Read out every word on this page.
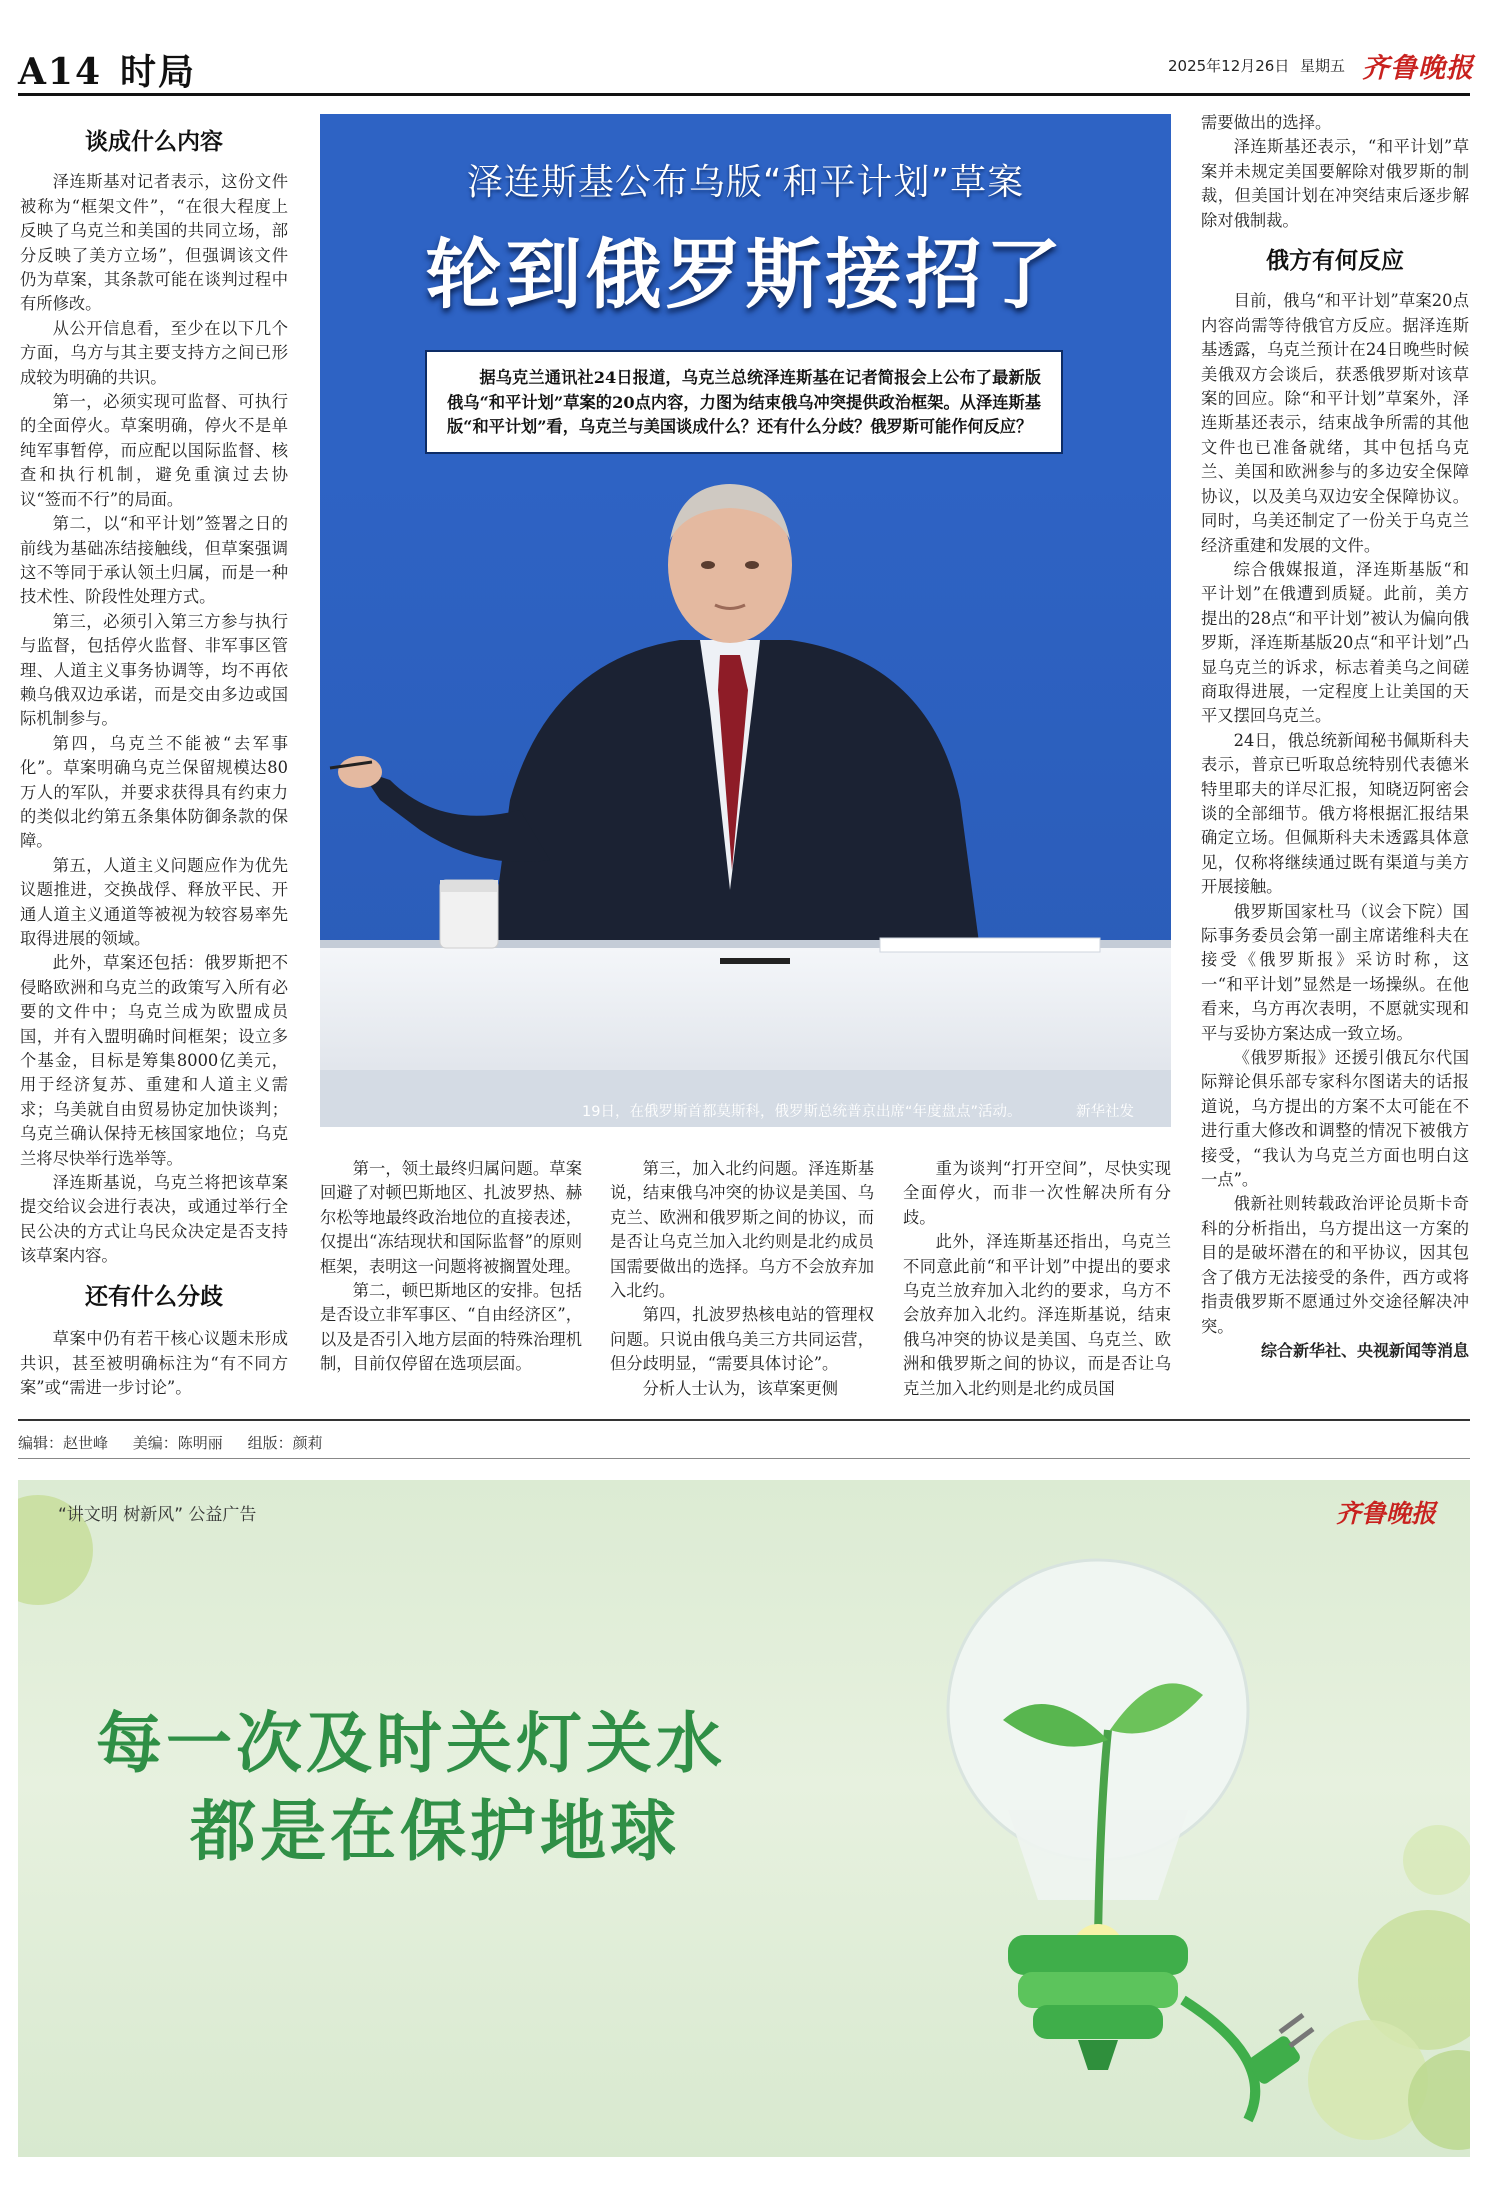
A14 时局	2025年12月26日 星期五 齐鲁晚报
谈成什么内容

泽连斯基对记者表示，这份文件被称为“框架文件”，“在很大程度上反映了乌克兰和美国的共同立场，部分反映了美方立场”，但强调该文件仍为草案，其条款可能在谈判过程中有所修改。

从公开信息看，至少在以下几个方面，乌方与其主要支持方之间已形成较为明确的共识。

第一，必须实现可监督、可执行的全面停火。草案明确，停火不是单纯军事暂停，而应配以国际监督、核查和执行机制，避免重演过去协议“签而不行”的局面。

第二，以“和平计划”签署之日的前线为基础冻结接触线，但草案强调这不等同于承认领土归属，而是一种技术性、阶段性处理方式。

第三，必须引入第三方参与执行与监督，包括停火监督、非军事区管理、人道主义事务协调等，均不再依赖乌俄双边承诺，而是交由多边或国际机制参与。

第四，乌克兰不能被“去军事化”。草案明确乌克兰保留规模达80万人的军队，并要求获得具有约束力的类似北约第五条集体防御条款的保障。

第五，人道主义问题应作为优先议题推进，交换战俘、释放平民、开通人道主义通道等被视为较容易率先取得进展的领域。

此外，草案还包括：俄罗斯把不侵略欧洲和乌克兰的政策写入所有必要的文件中；乌克兰成为欧盟成员国，并有入盟明确时间框架；设立多个基金，目标是筹集8000亿美元，用于经济复苏、重建和人道主义需求；乌美就自由贸易协定加快谈判；乌克兰确认保持无核国家地位；乌克兰将尽快举行选举等。

泽连斯基说，乌克兰将把该草案提交给议会进行表决，或通过举行全民公决的方式让乌民众决定是否支持该草案内容。

还有什么分歧

草案中仍有若干核心议题未形成共识，甚至被明确标注为“有不同方案”或“需进一步讨论”。

泽连斯基公布乌版“和平计划”草案
轮到俄罗斯接招了
据乌克兰通讯社24日报道，乌克兰总统泽连斯基在记者简报会上公布了最新版俄乌“和平计划”草案的20点内容，力图为结束俄乌冲突提供政治框架。从泽连斯基版“和平计划”看，乌克兰与美国谈成什么？还有什么分歧？俄罗斯可能作何反应？
19日，在俄罗斯首都莫斯科，俄罗斯总统普京出席“年度盘点”活动。	新华社发

第一，领土最终归属问题。草案回避了对顿巴斯地区、扎波罗热、赫尔松等地最终政治地位的直接表述，仅提出“冻结现状和国际监督”的原则框架，表明这一问题将被搁置处理。

第二，顿巴斯地区的安排。包括是否设立非军事区、“自由经济区”，以及是否引入地方层面的特殊治理机制，目前仅停留在选项层面。

第三，加入北约问题。泽连斯基说，结束俄乌冲突的协议是美国、乌克兰、欧洲和俄罗斯之间的协议，而是否让乌克兰加入北约则是北约成员国需要做出的选择。乌方不会放弃加入北约。

第四，扎波罗热核电站的管理权问题。只说由俄乌美三方共同运营，但分歧明显，“需要具体讨论”。

分析人士认为，该草案更侧

重为谈判“打开空间”，尽快实现全面停火，而非一次性解决所有分歧。

此外，泽连斯基还指出，乌克兰不同意此前“和平计划”中提出的要求乌克兰放弃加入北约的要求，乌方不会放弃加入北约。泽连斯基说，结束俄乌冲突的协议是美国、乌克兰、欧洲和俄罗斯之间的协议，而是否让乌克兰加入北约则是北约成员国

需要做出的选择。

泽连斯基还表示，“和平计划”草案并未规定美国要解除对俄罗斯的制裁，但美国计划在冲突结束后逐步解除对俄制裁。

俄方有何反应

目前，俄乌“和平计划”草案20点内容尚需等待俄官方反应。据泽连斯基透露，乌克兰预计在24日晚些时候美俄双方会谈后，获悉俄罗斯对该草案的回应。除“和平计划”草案外，泽连斯基还表示，结束战争所需的其他文件也已准备就绪，其中包括乌克兰、美国和欧洲参与的多边安全保障协议，以及美乌双边安全保障协议。同时，乌美还制定了一份关于乌克兰经济重建和发展的文件。

综合俄媒报道，泽连斯基版“和平计划”在俄遭到质疑。此前，美方提出的28点“和平计划”被认为偏向俄罗斯，泽连斯基版20点“和平计划”凸显乌克兰的诉求，标志着美乌之间磋商取得进展，一定程度上让美国的天平又摆回乌克兰。

24日，俄总统新闻秘书佩斯科夫表示，普京已听取总统特别代表德米特里耶夫的详尽汇报，知晓迈阿密会谈的全部细节。俄方将根据汇报结果确定立场。但佩斯科夫未透露具体意见，仅称将继续通过既有渠道与美方开展接触。

俄罗斯国家杜马（议会下院）国际事务委员会第一副主席诺维科夫在接受《俄罗斯报》采访时称，这一“和平计划”显然是一场操纵。在他看来，乌方再次表明，不愿就实现和平与妥协方案达成一致立场。

《俄罗斯报》还援引俄瓦尔代国际辩论俱乐部专家科尔图诺夫的话报道说，乌方提出的方案不太可能在不进行重大修改和调整的情况下被俄方接受，“我认为乌克兰方面也明白这一点”。

俄新社则转载政治评论员斯卡奇科的分析指出，乌方提出这一方案的目的是破坏潜在的和平协议，因其包含了俄方无法接受的条件，西方或将指责俄罗斯不愿通过外交途径解决冲突。

综合新华社、央视新闻等消息
编辑：赵世峰 美编：陈明丽 组版：颜莉
“讲文明 树新风” 公益广告	齐鲁晚报
每一次及时关灯关水
都是在保护地球
